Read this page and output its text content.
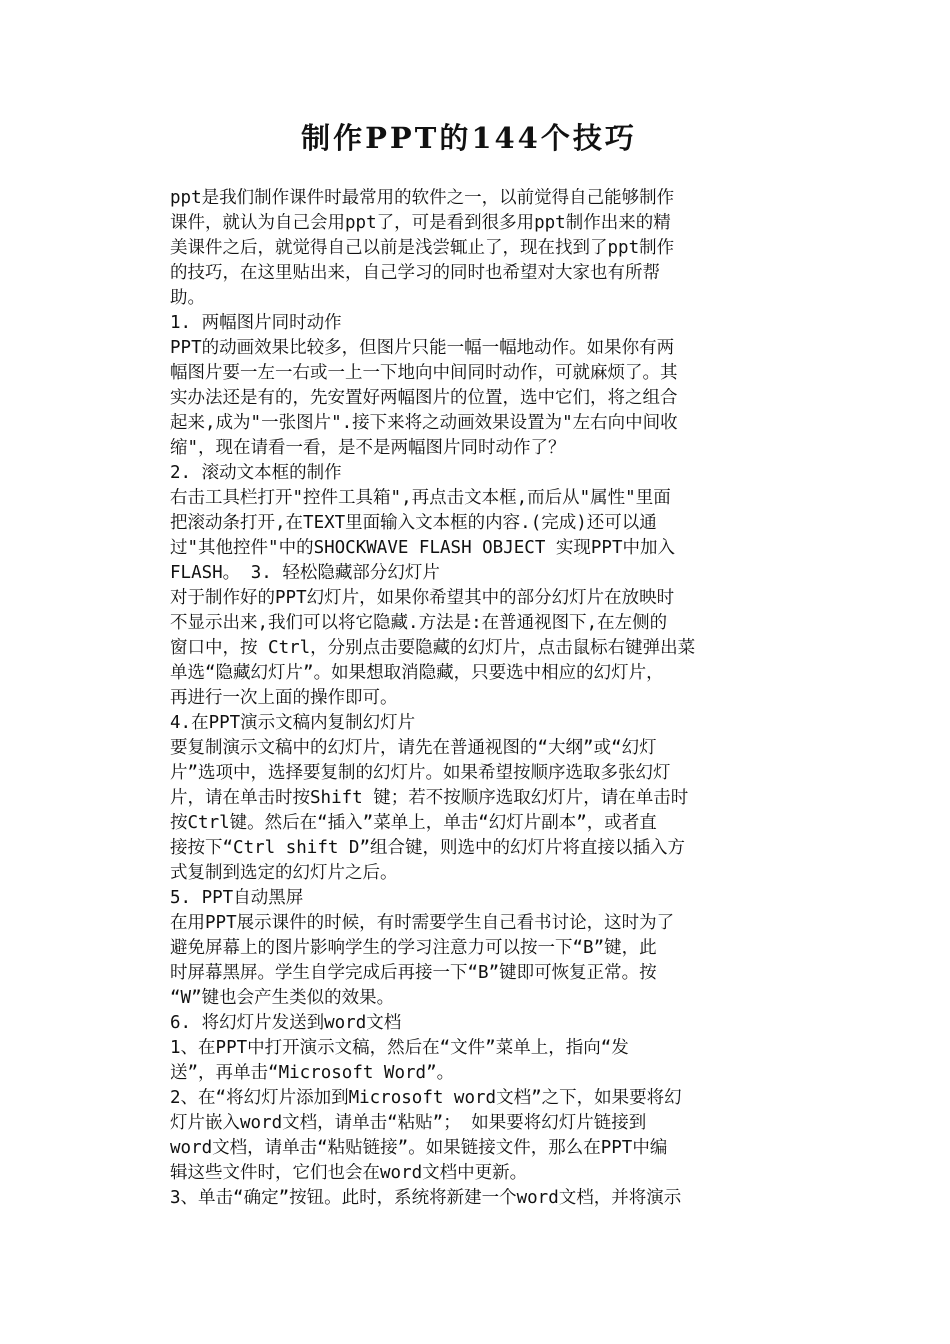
制作PPT的144个技巧
ppt是我们制作课件时最常用的软件之一，以前觉得自己能够制作
课件，就认为自己会用ppt了，可是看到很多用ppt制作出来的精
美课件之后，就觉得自己以前是浅尝辄止了，现在找到了ppt制作
的技巧，在这里贴出来，自己学习的同时也希望对大家也有所帮
助。
1. 两幅图片同时动作
PPT的动画效果比较多，但图片只能一幅一幅地动作。如果你有两
幅图片要一左一右或一上一下地向中间同时动作，可就麻烦了。其
实办法还是有的，先安置好两幅图片的位置，选中它们，将之组合
起来,成为"一张图片".接下来将之动画效果设置为"左右向中间收
缩"，现在请看一看，是不是两幅图片同时动作了？
2. 滚动文本框的制作
右击工具栏打开"控件工具箱",再点击文本框,而后从"属性"里面
把滚动条打开,在TEXT里面输入文本框的内容.(完成)还可以通
过"其他控件"中的SHOCKWAVE FLASH OBJECT 实现PPT中加入
FLASH。 3. 轻松隐藏部分幻灯片
对于制作好的PPT幻灯片，如果你希望其中的部分幻灯片在放映时
不显示出来,我们可以将它隐藏.方法是:在普通视图下,在左侧的
窗口中，按 Ctrl，分别点击要隐藏的幻灯片，点击鼠标右键弹出菜
单选“隐藏幻灯片”。如果想取消隐藏，只要选中相应的幻灯片，
再进行一次上面的操作即可。
4.在PPT演示文稿内复制幻灯片
要复制演示文稿中的幻灯片，请先在普通视图的“大纲”或“幻灯
片”选项中，选择要复制的幻灯片。如果希望按顺序选取多张幻灯
片，请在单击时按Shift 键；若不按顺序选取幻灯片，请在单击时
按Ctrl键。然后在“插入”菜单上，单击“幻灯片副本”，或者直
接按下“Ctrl shift D”组合键，则选中的幻灯片将直接以插入方
式复制到选定的幻灯片之后。
5. PPT自动黑屏
在用PPT展示课件的时候，有时需要学生自己看书讨论，这时为了
避免屏幕上的图片影响学生的学习注意力可以按一下“B”键，此
时屏幕黑屏。学生自学完成后再接一下“B”键即可恢复正常。按
“W”键也会产生类似的效果。
6. 将幻灯片发送到word文档
1、在PPT中打开演示文稿，然后在“文件”菜单上，指向“发
送”，再单击“Microsoft Word”。
2、在“将幻灯片添加到Microsoft word文档”之下，如果要将幻
灯片嵌入word文档，请单击“粘贴”； 如果要将幻灯片链接到
word文档，请单击“粘贴链接”。如果链接文件，那么在PPT中编
辑这些文件时，它们也会在word文档中更新。
3、单击“确定”按钮。此时，系统将新建一个word文档，并将演示
